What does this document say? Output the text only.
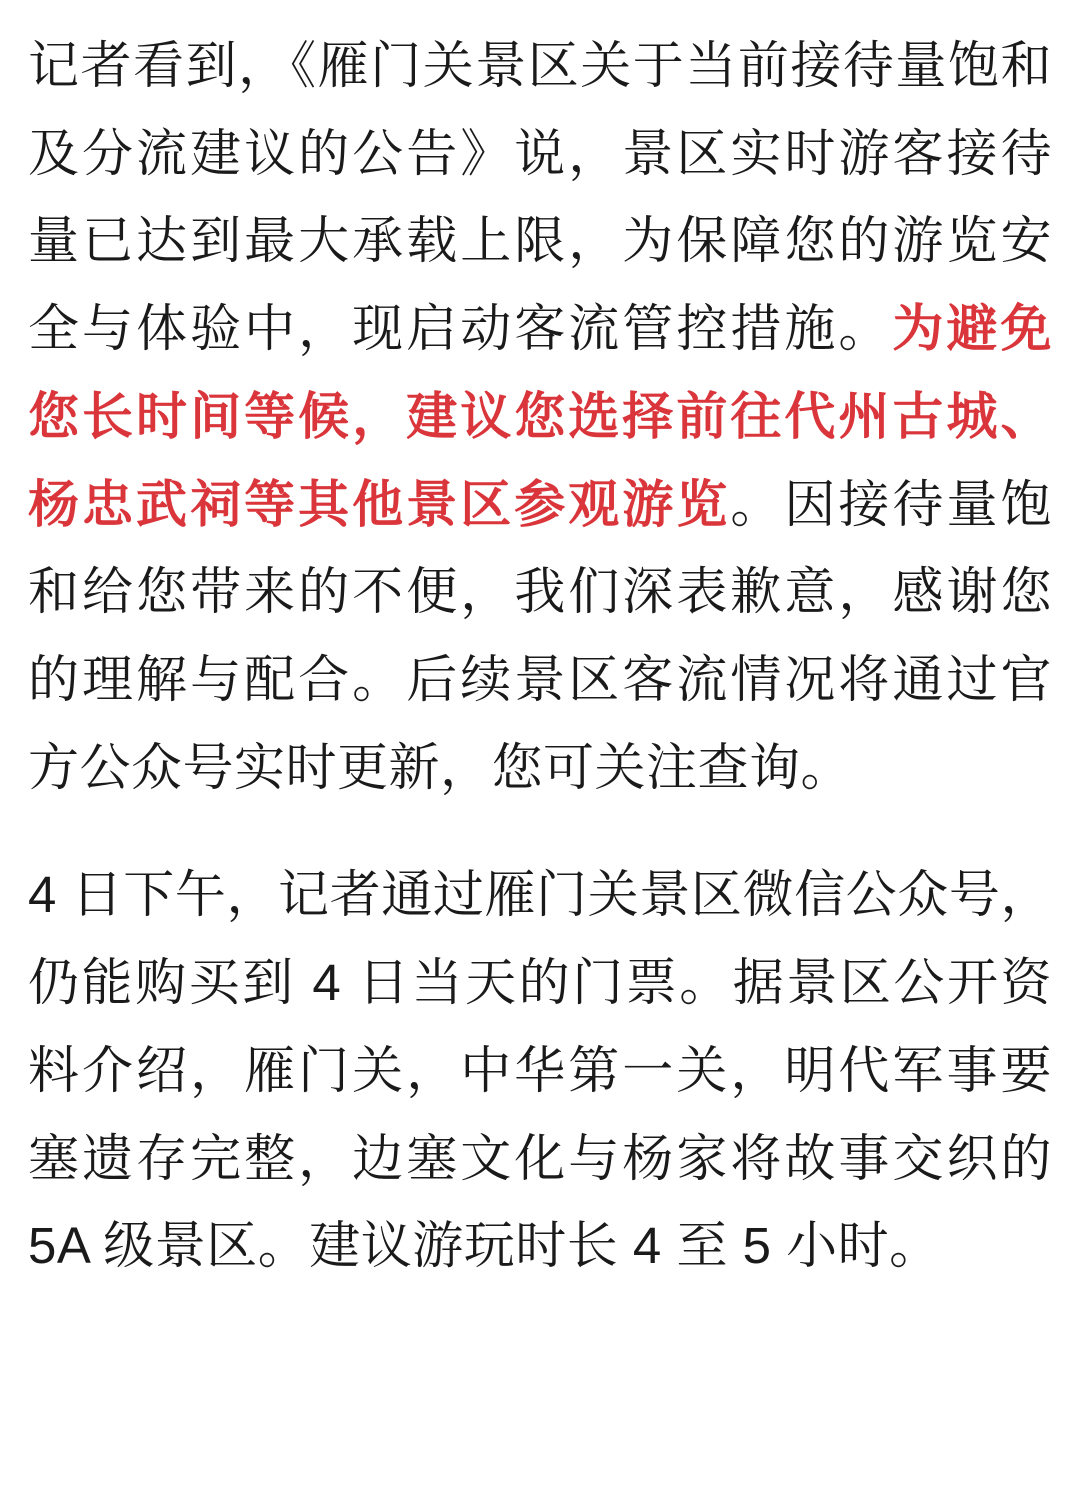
记者看到，《雁门关景区关于当前接待量饱和及分流建议的公告》说，景区实时游客接待量已达到最大承载上限，为保障您的游览安全与体验中，现启动客流管控措施。为避免您长时间等候，建议您选择前往代州古城、杨忠武祠等其他景区参观游览。因接待量饱和给您带来的不便，我们深表歉意，感谢您的理解与配合。后续景区客流情况将通过官方公众号实时更新，您可关注查询。

4 日下午，记者通过雁门关景区微信公众号，仍能购买到 4 日当天的门票。据景区公开资料介绍，雁门关，中华第一关，明代军事要塞遗存完整，边塞文化与杨家将故事交织的 5A 级景区。建议游玩时长 4 至 5 小时。
